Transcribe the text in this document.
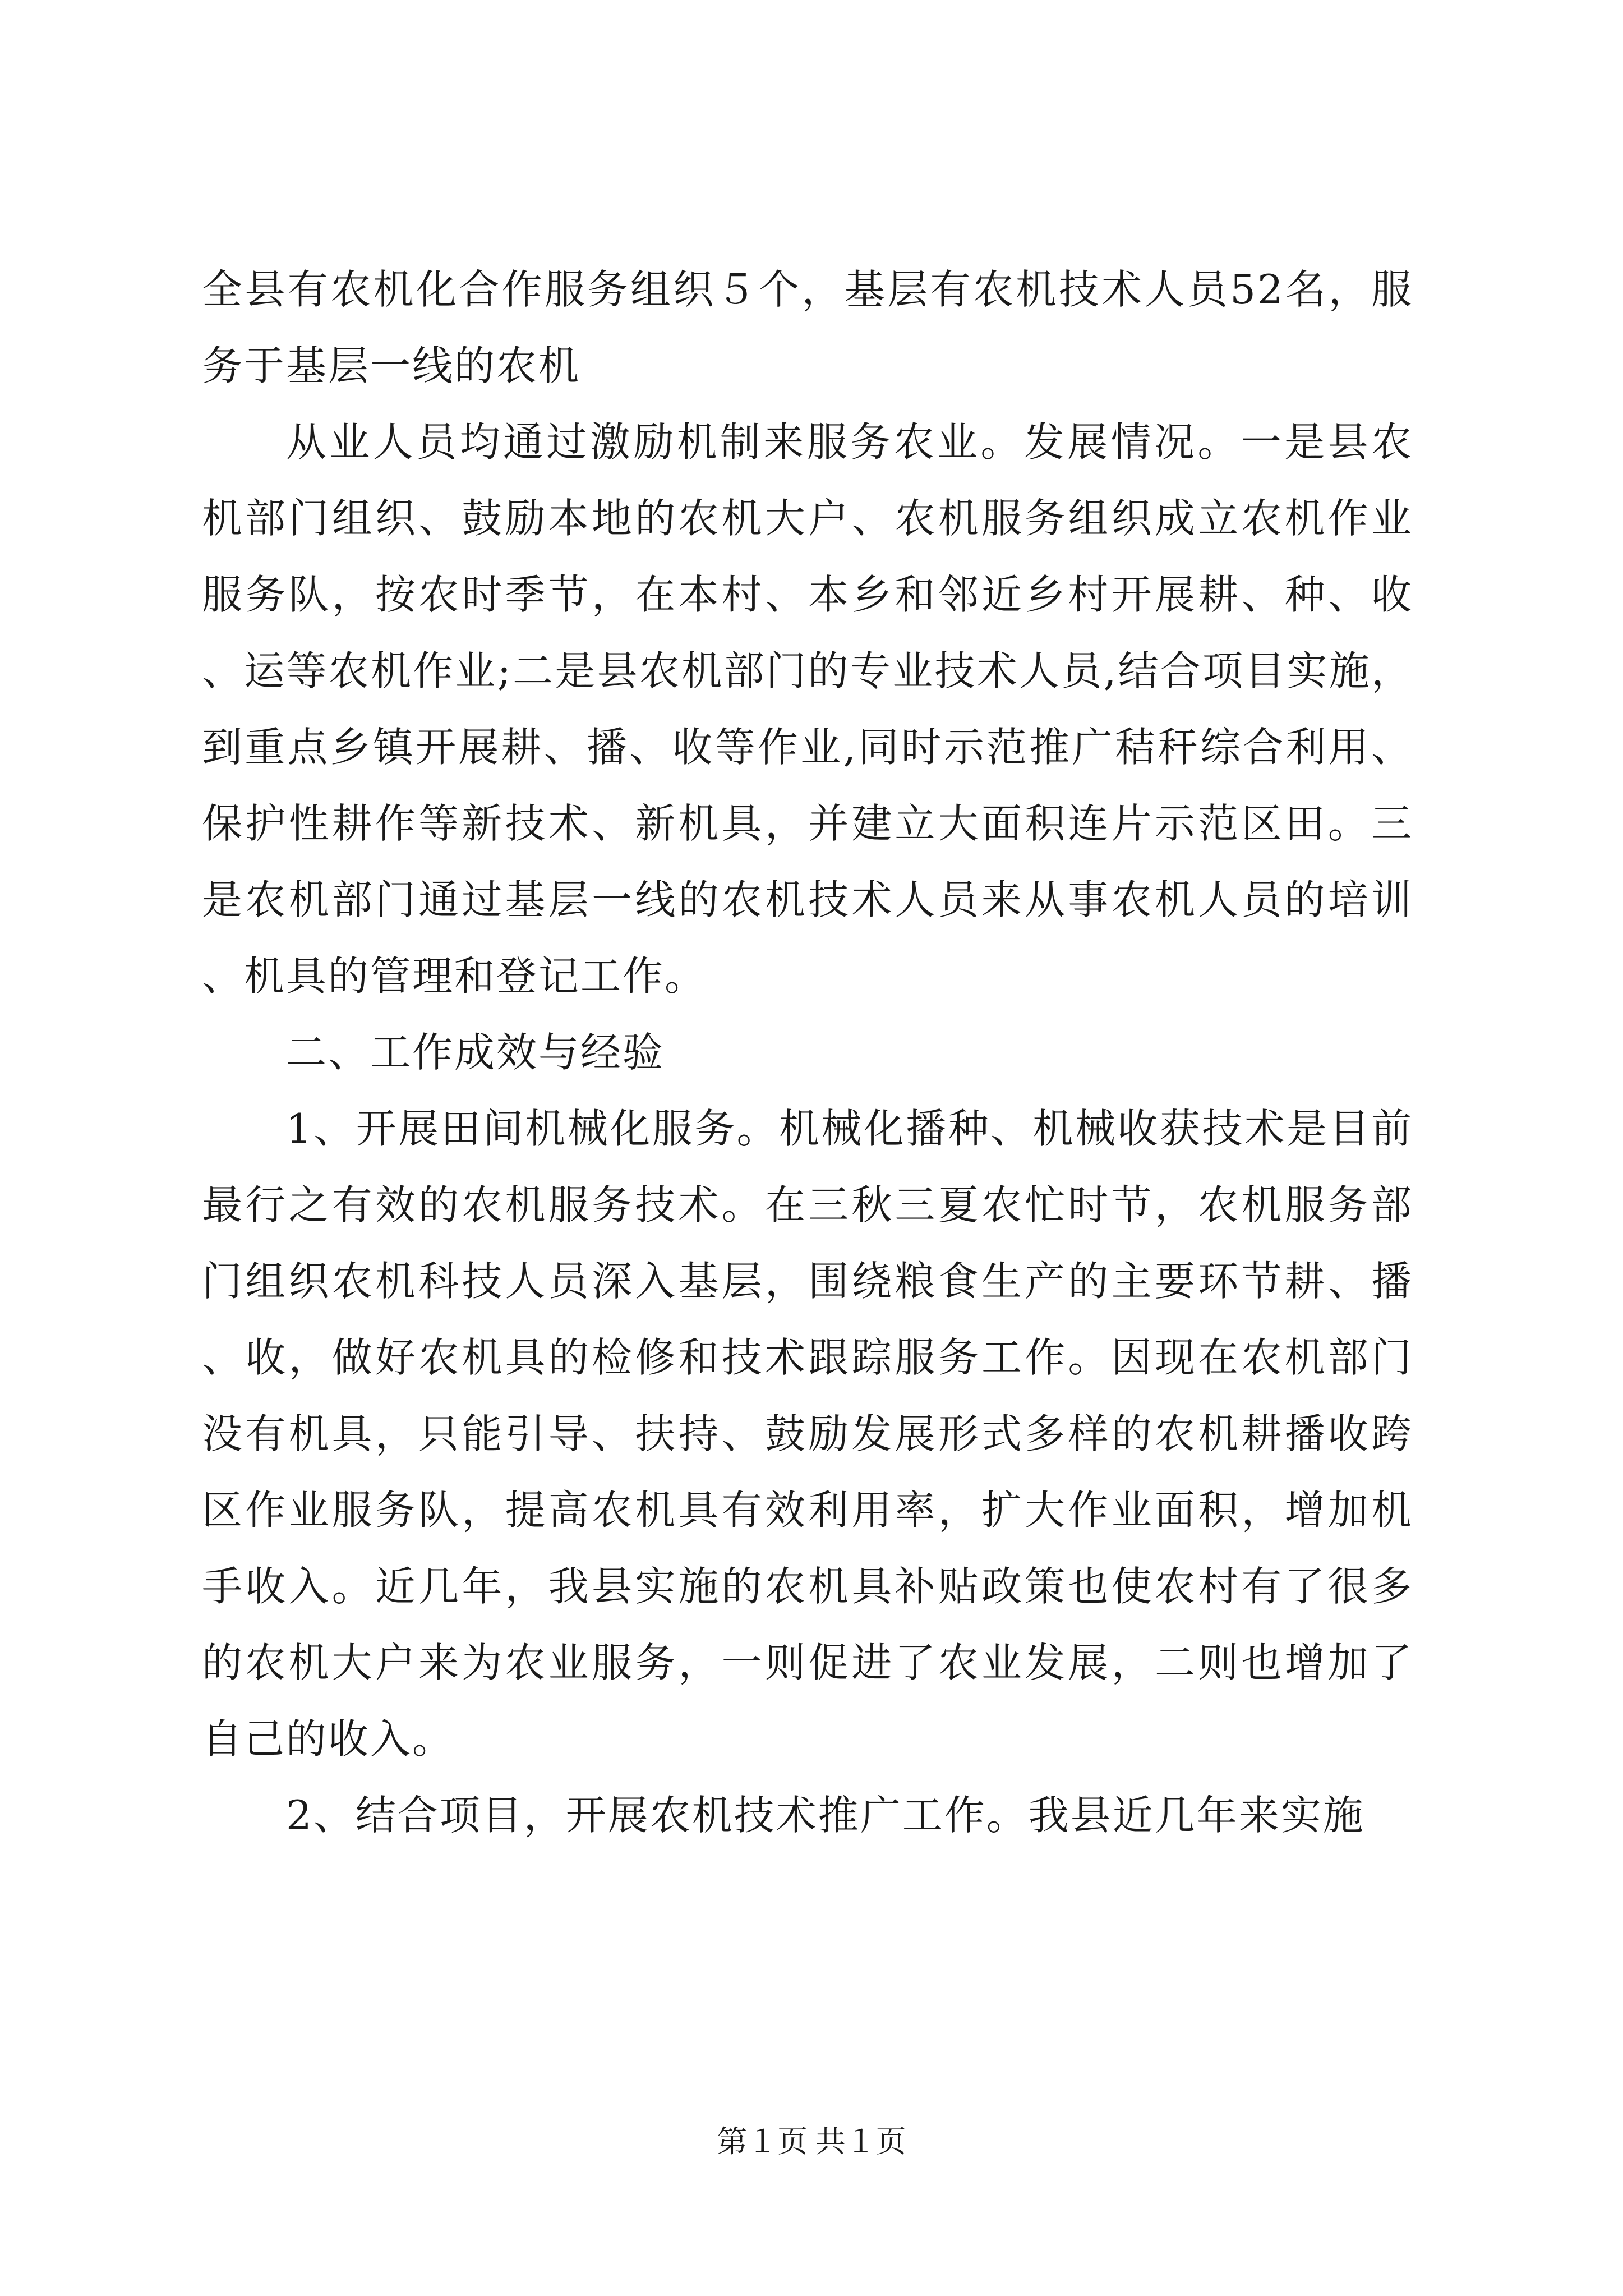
全县有农机化合作服务组织５个，基层有农机技术人员52名，服务于基层一线的农机

从业人员均通过激励机制来服务农业。发展情况。一是县农机部门组织、鼓励本地的农机大户、农机服务组织成立农机作业服务队，按农时季节，在本村、本乡和邻近乡村开展耕、种、收、运等农机作业;二是县农机部门的专业技术人员,结合项目实施，到重点乡镇开展耕、播、收等作业,同时示范推广秸秆综合利用、保护性耕作等新技术、新机具，并建立大面积连片示范区田。三是农机部门通过基层一线的农机技术人员来从事农机人员的培训、机具的管理和登记工作。

二、工作成效与经验

1、开展田间机械化服务。机械化播种、机械收获技术是目前最行之有效的农机服务技术。在三秋三夏农忙时节，农机服务部门组织农机科技人员深入基层，围绕粮食生产的主要环节耕、播、收，做好农机具的检修和技术跟踪服务工作。因现在农机部门没有机具，只能引导、扶持、鼓励发展形式多样的农机耕播收跨区作业服务队，提高农机具有效利用率，扩大作业面积，增加机手收入。近几年，我县实施的农机具补贴政策也使农村有了很多的农机大户来为农业服务，一则促进了农业发展，二则也增加了自己的收入。

2、结合项目，开展农机技术推广工作。我县近几年来实施

第１页 共１页
